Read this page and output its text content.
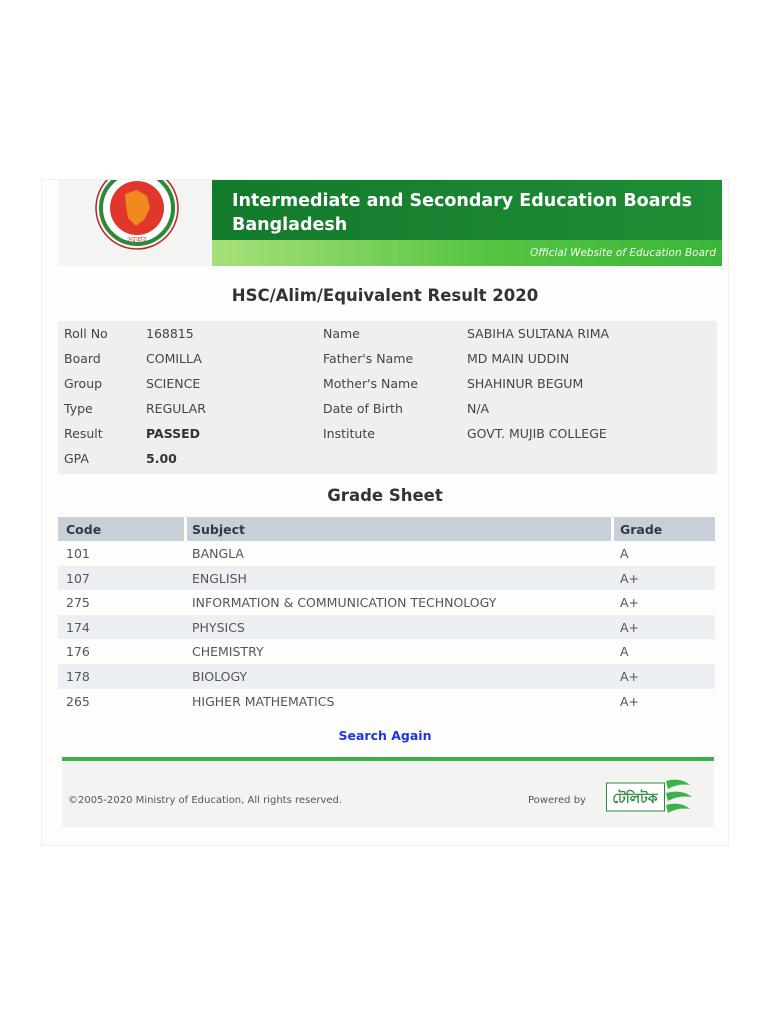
সরকার
Intermediate and Secondary Education Boards
Bangladesh
Official Website of Education Board
HSC/Alim/Equivalent Result 2020
Roll No	168815	Name	SABIHA SULTANA RIMA
Board	COMILLA	Father's Name	MD MAIN UDDIN
Group	SCIENCE	Mother's Name	SHAHINUR BEGUM
Type	REGULAR	Date of Birth	N/A
Result	PASSED	Institute	GOVT. MUJIB COLLEGE
GPA	5.00
Grade Sheet
Code	Subject	Grade
101	BANGLA	A
107	ENGLISH	A+
275	INFORMATION & COMMUNICATION TECHNOLOGY	A+
174	PHYSICS	A+
176	CHEMISTRY	A
178	BIOLOGY	A+
265	HIGHER MATHEMATICS	A+
Search Again
©2005-2020 Ministry of Education, All rights reserved.	Powered by টেলিটক
